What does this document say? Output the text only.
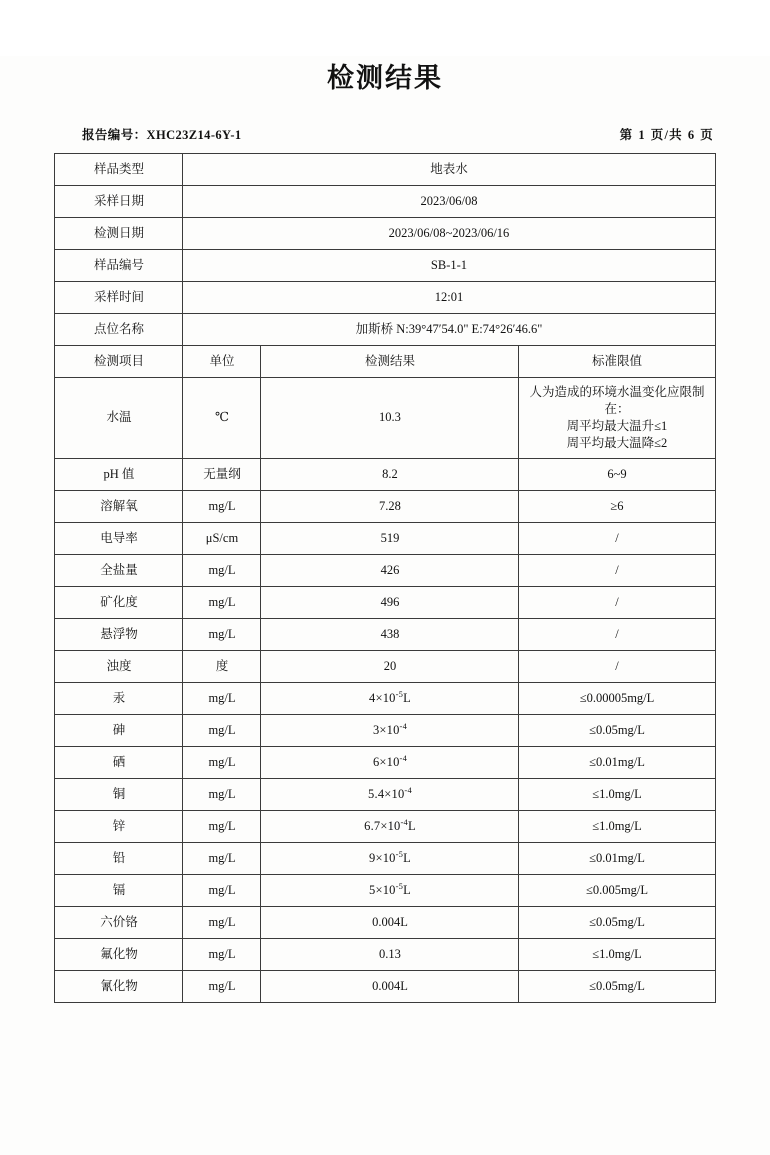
检测结果
报告编号：XHC23Z14-6Y-1	第 1 页/共 6 页
样品类型	地表水		
采样日期	2023/06/08		
检测日期	2023/06/08~2023/06/16		
样品编号	SB-1-1		
采样时间	12:01		
点位名称	加斯桥 N:39°47′54.0" E:74°26′46.6"		
检测项目	单位	检测结果	标准限值
水温	℃	10.3	人为造成的环境水温变化应限制在：
周平均最大温升≤1
周平均最大温降≤2

pH 值	无量纲	8.2	6~9
溶解氧	mg/L	7.28	≥6
电导率	μS/cm	519	/
全盐量	mg/L	426	/
矿化度	mg/L	496	/
悬浮物	mg/L	438	/
浊度	度	20	/
汞	mg/L	$4\times 10^{-5}L$	≤0.00005mg/L
砷	mg/L	$3\times 10^{-4}$	≤0.05mg/L
硒	mg/L	$6\times 10^{-4}$	≤0.01mg/L
铜	mg/L	$5.4\times 10^{-4}$	≤1.0mg/L
锌	mg/L	$6.7\times 10^{-4}L$	≤1.0mg/L
铅	mg/L	$9\times 10^{-5}L$	≤0.01mg/L
镉	mg/L	$5\times 10^{-5}L$	≤0.005mg/L
六价铬	mg/L	0.004L	≤0.05mg/L
氟化物	mg/L	0.13	≤1.0mg/L
氰化物	mg/L	0.004L	≤0.05mg/L
